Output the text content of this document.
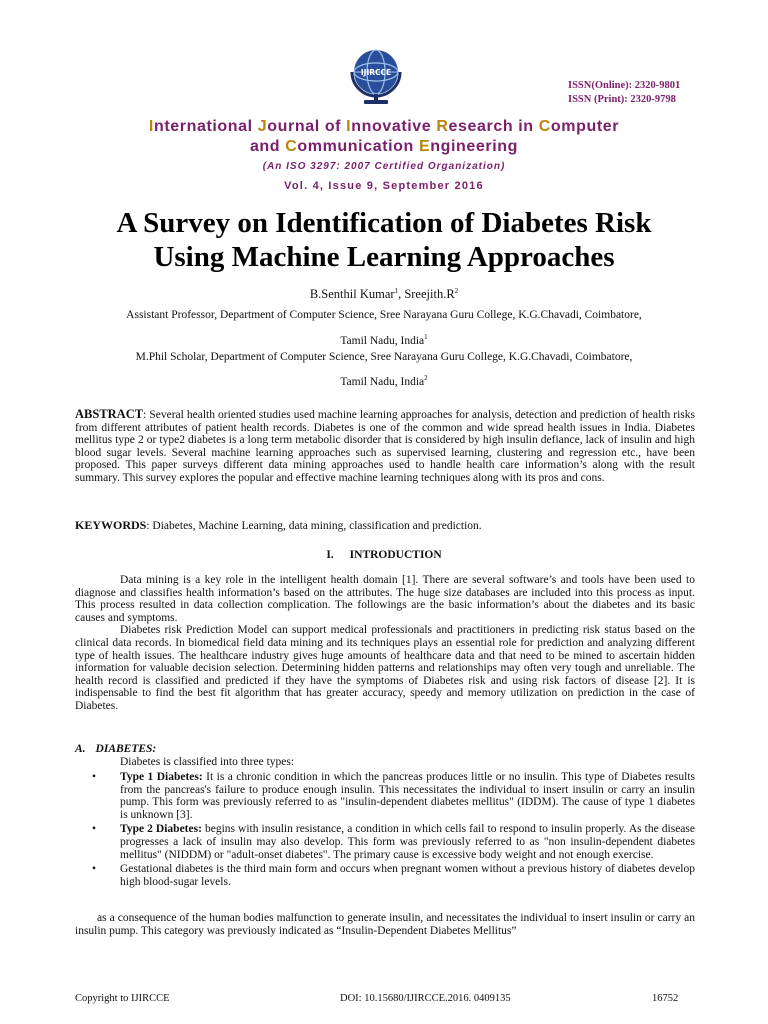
IJIRCCE
ISSN(Online): 2320-9801
ISSN (Print): 2320-9798
International Journal of Innovative Research in Computer
and Communication Engineering
(An ISO 3297: 2007 Certified Organization)
Vol. 4, Issue 9, September 2016
A Survey on Identification of Diabetes Risk
Using Machine Learning Approaches
B.Senthil Kumar$^1$, $Sreejith.R^2$
Assistant Professor, Department of Computer Science, Sree Narayana Guru College, K.G.Chavadi, Coimbatore,
Tamil Nadu, India$^1$
M.Phil Scholar, Department of Computer Science, Sree Narayana Guru College, K.G.Chavadi, Coimbatore,
Tamil Nadu, India$^2$
ABSTRACT: Several health oriented studies used machine learning approaches for analysis, detection and prediction of health risks from different attributes of patient health records. Diabetes is one of the common and wide spread health issues in India. Diabetes mellitus type 2 or type2 diabetes is a long term metabolic disorder that is considered by high insulin defiance, lack of insulin and high blood sugar levels. Several machine learning approaches such as supervised learning, clustering and regression etc., have been proposed. This paper surveys different data mining approaches used to handle health care information’s along with the result summary. This survey explores the popular and effective machine learning techniques along with its pros and cons.
KEYWORDS: Diabetes, Machine Learning, data mining, classification and prediction.
I. INTRODUCTION

Data mining is a key role in the intelligent health domain [1]. There are several software’s and tools have been used to diagnose and classifies health information’s based on the attributes. The huge size databases are included into this process as input. This process resulted in data collection complication. The followings are the basic information’s about the diabetes and its basic causes and symptoms.

Diabetes risk Prediction Model can support medical professionals and practitioners in predicting risk status based on the clinical data records. In biomedical field data mining and its techniques plays an essential role for prediction and analyzing different type of health issues. The healthcare industry gives huge amounts of healthcare data and that need to be mined to ascertain hidden information for valuable decision selection. Determining hidden patterns and relationships may often very tough and unreliable. The health record is classified and predicted if they have the symptoms of Diabetes risk and using risk factors of disease [2]. It is indispensable to find the best fit algorithm that has greater accuracy, speedy and memory utilization on prediction in the case of Diabetes.

A. DIABETES:
Diabetes is classified into three types:
• Type 1 Diabetes: It is a chronic condition in which the pancreas produces little or no insulin. This type of Diabetes results from the pancreas's failure to produce enough insulin. This necessitates the individual to insert insulin or carry an insulin pump. This form was previously referred to as "insulin-dependent diabetes mellitus" (IDDM). The cause of type 1 diabetes is unknown [3].
• Type 2 Diabetes: begins with insulin resistance, a condition in which cells fail to respond to insulin properly. As the disease progresses a lack of insulin may also develop. This form was previously referred to as "non insulin-dependent diabetes mellitus" (NIDDM) or "adult-onset diabetes". The primary cause is excessive body weight and not enough exercise.
• Gestational diabetes is the third main form and occurs when pregnant women without a previous history of diabetes develop high blood-sugar levels.
as a consequence of the human bodies malfunction to generate insulin, and necessitates the individual to insert insulin or carry an insulin pump. This category was previously indicated as “Insulin-Dependent Diabetes Mellitus”
Copyright to IJIRCCE	DOI: 10.15680/IJIRCCE.2016. 0409135	16752
